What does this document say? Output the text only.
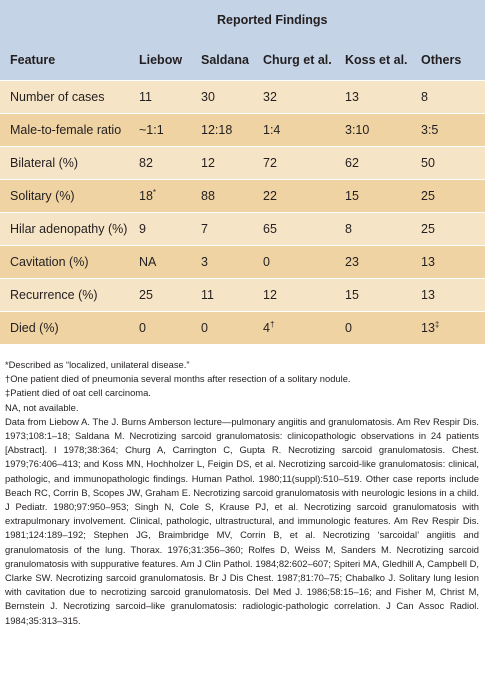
	Reported Findings				
Feature	Liebow	Saldana	Churg et al.	Koss et al.	Others
Number of cases	11	30	32	13	8
Male-to-female ratio	~1:1	12:18	1:4	3:10	3:5
Bilateral (%)	82	12	72	62	50
Solitary (%)	18*	88	22	15	25
Hilar adenopathy (%)	9	7	65	8	25
Cavitation (%)	NA	3	0	23	13
Recurrence (%)	25	11	12	15	13
Died (%)	0	0	4†	0	13‡

*Described as “localized, unilateral disease.”

†One patient died of pneumonia several months after resection of a solitary nodule.

‡Patient died of oat cell carcinoma.

NA, not available.

Data from Liebow A. The J. Burns Amberson lecture—pulmonary angiitis and granulomatosis. Am Rev Respir Dis. 1973;108:1–18; Saldana M. Necrotizing sarcoid granulomatosis: clinicopathologic observations in 24 patients [Abstract]. I 1978;38:364; Churg A, Carrington C, Gupta R. Necrotizing sarcoid granulomatosis. Chest. 1979;76:406–413; and Koss MN, Hochholzer L, Feigin DS, et al. Necrotizing sarcoid-like granulomatosis: clinical, pathologic, and immunopathologic findings. Human Pathol. 1980;11(suppl):510–519. Other case reports include Beach RC, Corrin B, Scopes JW, Graham E. Necrotizing sarcoid granulomatosis with neurologic lesions in a child. J Pediatr. 1980;97:950–953; Singh N, Cole S, Krause PJ, et al. Necrotizing sarcoid granulomatosis with extrapulmonary involvement. Clinical, pathologic, ultrastructural, and immunologic features. Am Rev Respir Dis. 1981;124:189–192; Stephen JG, Braimbridge MV, Corrin B, et al. Necrotizing ‘sarcoidal’ angiitis and granulomatosis of the lung. Thorax. 1976;31:356–360; Rolfes D, Weiss M, Sanders M. Necrotizing sarcoid granulomatosis with suppurative features. Am J Clin Pathol. 1984;82:602–607; Spiteri MA, Gledhill A, Campbell D, Clarke SW. Necrotizing sarcoid granulomatosis. Br J Dis Chest. 1987;81:70–75; Chabalko J. Solitary lung lesion with cavitation due to necrotizing sarcoid granulomatosis. Del Med J. 1986;58:15–16; and Fisher M, Christ M, Bernstein J. Necrotizing sarcoid–like granulomatosis: radiologic-pathologic correlation. J Can Assoc Radiol. 1984;35:313–315.
